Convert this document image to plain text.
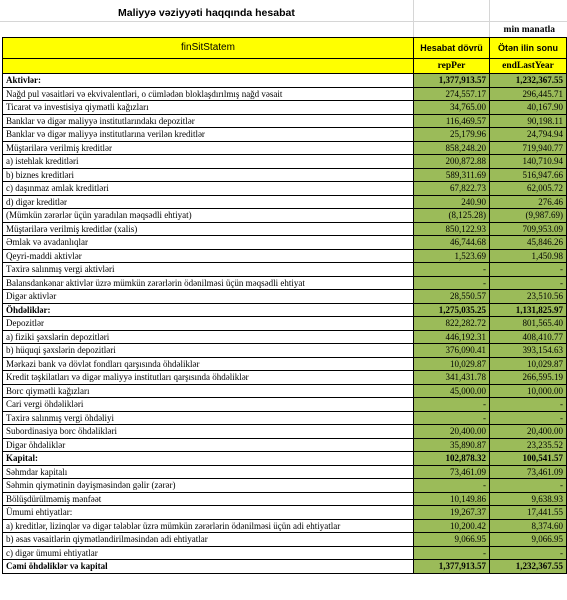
Maliyyə vəziyyəti haqqında hesabat
min manatla
finSitStatem	Hesabat dövrü	Ötən ilin sonu
	repPer	endLastYear
Aktivlər:	1,377,913.57	1,232,367.55
Nağd pul vəsaitləri və ekvivalentləri, o cümlədən bloklaşdırılmış nağd vəsait	274,557.17	296,445.71
Ticarət və investisiya qiymətli kağızları	34,765.00	40,167.90
Banklar və digər maliyyə institutlarındakı depozitlər	116,469.57	90,198.11
Banklar və digər maliyyə institutlarına verilən kreditlər	25,179.96	24,794.94
Müştərilərə verilmiş kreditlər	858,248.20	719,940.77
a) istehlak kreditləri	200,872.88	140,710.94
b) biznes kreditləri	589,311.69	516,947.66
c) daşınmaz əmlak kreditləri	67,822.73	62,005.72
d) digər kreditlər	240.90	276.46
(Mümkün zərərlər üçün yaradılan məqsədli ehtiyat)	(8,125.28)	(9,987.69)
Müştərilərə verilmiş kreditlər (xalis)	850,122.93	709,953.09
Əmlak və avadanlıqlar	46,744.68	45,846.26
Qeyri-maddi aktivlər	1,523.69	1,450.98
Təxirə salınmış vergi aktivləri	-	-
Balansdankənar aktivlər üzrə mümkün zərərlərin ödənilməsi üçün məqsədli ehtiyat	-	-
Digər aktivlər	28,550.57	23,510.56
Öhdəliklər:	1,275,035.25	1,131,825.97
Depozitlər	822,282.72	801,565.40
a) fiziki şəxslərin depozitləri	446,192.31	408,410.77
b) hüquqi şəxslərin depozitləri	376,090.41	393,154.63
Mərkəzi bank və dövlət fondları qarşısında öhdəliklər	10,029.87	10,029.87
Kredit təşkilatları və digər maliyyə institutları qarşısında öhdəliklər	341,431.78	266,595.19
Borc qiymətli kağızları	45,000.00	10,000.00
Cari vergi öhdəlikləri	-	-
Təxirə salınmış vergi öhdəliyi	-	-
Subordinasiya borc öhdəlikləri	20,400.00	20,400.00
Digər öhdəliklər	35,890.87	23,235.52
Kapital:	102,878.32	100,541.57
Səhmdar kapitalı	73,461.09	73,461.09
Səhmin qiymətinin dəyişməsindən gəlir (zərər)	-	-
Bölüşdürülməmiş mənfəət	10,149.86	9,638.93
Ümumi ehtiyatlar:	19,267.37	17,441.55
a) kreditlər, lizinqlər və digər tələblər üzrə mümkün zərərlərin ödənilməsi üçün adi ehtiyatlar	10,200.42	8,374.60
b) əsas vəsaitlərin qiymətləndirilməsindən adi ehtiyatlar	9,066.95	9,066.95
c) digər ümumi ehtiyatlar	-	-
Cəmi öhdəliklər və kapital	1,377,913.57	1,232,367.55
